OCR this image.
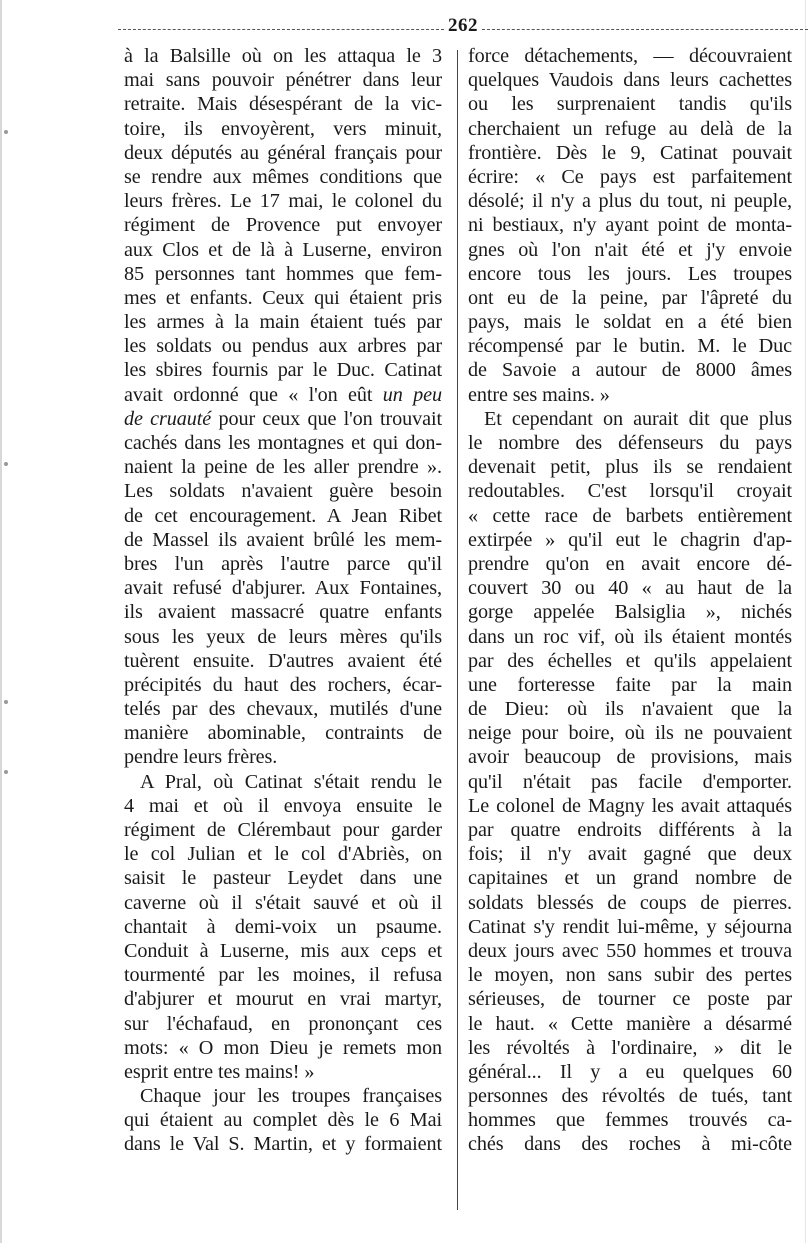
262
à la Balsille où on les attaqua le 3
mai sans pouvoir pénétrer dans leur
retraite. Mais désespérant de la vic-
toire, ils envoyèrent, vers minuit,
deux députés au général français pour
se rendre aux mêmes conditions que
leurs frères. Le 17 mai, le colonel du
régiment de Provence put envoyer
aux Clos et de là à Luserne, environ
85 personnes tant hommes que fem-
mes et enfants. Ceux qui étaient pris
les armes à la main étaient tués par
les soldats ou pendus aux arbres par
les sbires fournis par le Duc. Catinat
avait ordonné que « l'on eût un peu
de cruauté pour ceux que l'on trouvait
cachés dans les montagnes et qui don-
naient la peine de les aller prendre ».
Les soldats n'avaient guère besoin
de cet encouragement. A Jean Ribet
de Massel ils avaient brûlé les mem-
bres l'un après l'autre parce qu'il
avait refusé d'abjurer. Aux Fontaines,
ils avaient massacré quatre enfants
sous les yeux de leurs mères qu'ils
tuèrent ensuite. D'autres avaient été
précipités du haut des rochers, écar-
telés par des chevaux, mutilés d'une
manière abominable, contraints de
pendre leurs frères.
A Pral, où Catinat s'était rendu le
4 mai et où il envoya ensuite le
régiment de Clérembaut pour garder
le col Julian et le col d'Abriès, on
saisit le pasteur Leydet dans une
caverne où il s'était sauvé et où il
chantait à demi-voix un psaume.
Conduit à Luserne, mis aux ceps et
tourmenté par les moines, il refusa
d'abjurer et mourut en vrai martyr,
sur l'échafaud, en prononçant ces
mots: « O mon Dieu je remets mon
esprit entre tes mains! »
Chaque jour les troupes françaises
qui étaient au complet dès le 6 Mai
dans le Val S. Martin, et y formaient
force détachements, — découvraient
quelques Vaudois dans leurs cachettes
ou les surprenaient tandis qu'ils
cherchaient un refuge au delà de la
frontière. Dès le 9, Catinat pouvait
écrire: « Ce pays est parfaitement
désolé; il n'y a plus du tout, ni peuple,
ni bestiaux, n'y ayant point de monta-
gnes où l'on n'ait été et j'y envoie
encore tous les jours. Les troupes
ont eu de la peine, par l'âpreté du
pays, mais le soldat en a été bien
récompensé par le butin. M. le Duc
de Savoie a autour de 8000 âmes
entre ses mains. »
Et cependant on aurait dit que plus
le nombre des défenseurs du pays
devenait petit, plus ils se rendaient
redoutables. C'est lorsqu'il croyait
« cette race de barbets entièrement
extirpée » qu'il eut le chagrin d'ap-
prendre qu'on en avait encore dé-
couvert 30 ou 40 « au haut de la
gorge appelée Balsiglia », nichés
dans un roc vif, où ils étaient montés
par des échelles et qu'ils appelaient
une forteresse faite par la main
de Dieu: où ils n'avaient que la
neige pour boire, où ils ne pouvaient
avoir beaucoup de provisions, mais
qu'il n'était pas facile d'emporter.
Le colonel de Magny les avait attaqués
par quatre endroits différents à la
fois; il n'y avait gagné que deux
capitaines et un grand nombre de
soldats blessés de coups de pierres.
Catinat s'y rendit lui-même, y séjourna
deux jours avec 550 hommes et trouva
le moyen, non sans subir des pertes
sérieuses, de tourner ce poste par
le haut. « Cette manière a désarmé
les révoltés à l'ordinaire, » dit le
général... Il y a eu quelques 60
personnes des révoltés de tués, tant
hommes que femmes trouvés ca-
chés dans des roches à mi-côte
